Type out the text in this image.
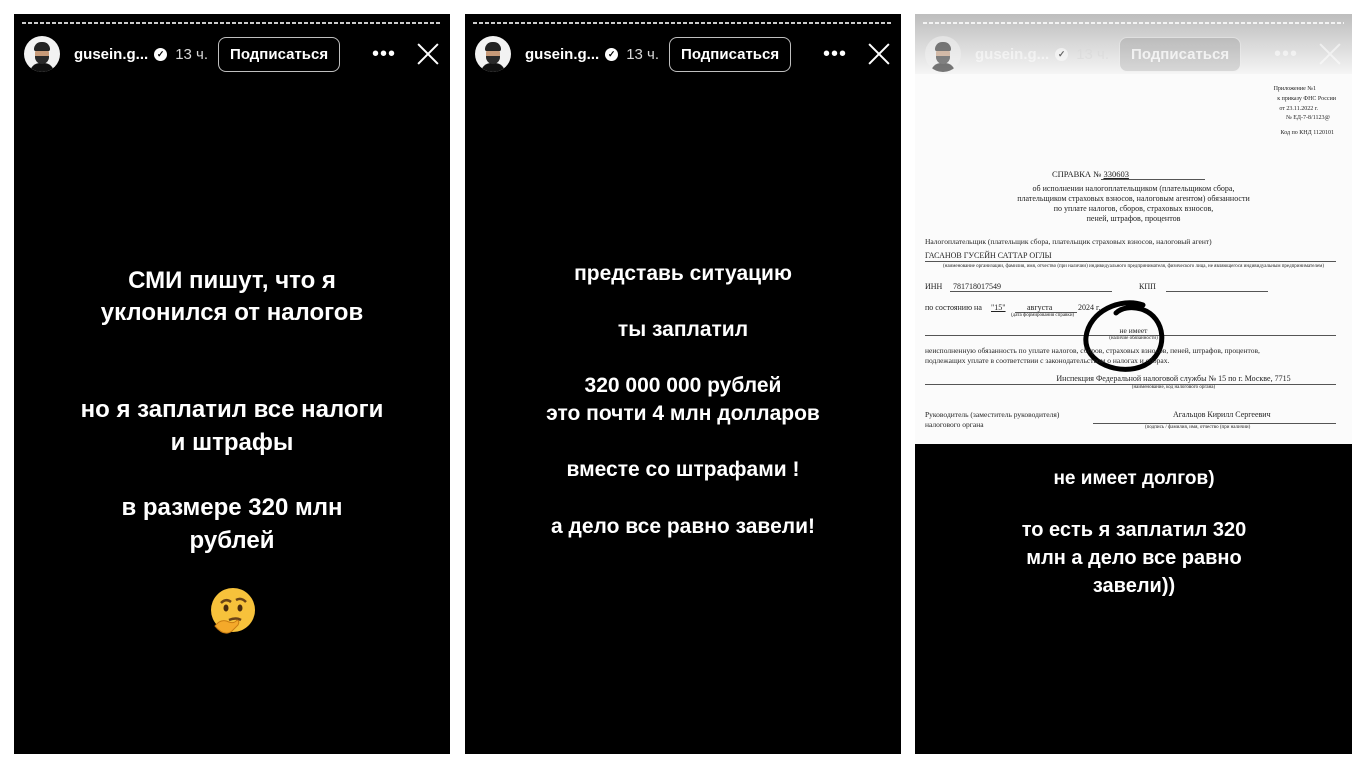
gusein.g... ✓ 13 ч.	Подписаться	•••
СМИ пишут, что я
уклонился от налогов
но я заплатил все налоги
и штрафы
в размере 320 млн
рублей
gusein.g... ✓ 13 ч.	Подписаться	•••
представь ситуацию
ты заплатил
320 000 000 рублей
это почти 4 млн долларов
вместе со штрафами !
а дело все равно завели!
Приложение №1
к приказу ФНС России
от 23.11.2022 г.
№ ЕД-7-8/1123@
Код по КНД 1120101
СПРАВКА № 330603
об исполнении налогоплательщиком (плательщиком сбора,
плательщиком страховых взносов, налоговым агентом) обязанности
по уплате налогов, сборов, страховых взносов,
пеней, штрафов, процентов
Налогоплательщик (плательщик сбора, плательщик страховых взносов, налоговый агент)
ГАСАНОВ ГУСЕЙН САТТАР ОГЛЫ
(наименование организации, фамилия, имя, отчество (при наличии) индивидуального предпринимателя, физического лица, не являющегося индивидуальным предпринимателем)
ИНН 781718017549	КПП
по состоянию на "15"	августа	2024 г.
(дата формирования справки)
не имеет
(наличие обязанности)
неисполненную обязанность по уплате налогов, сборов, страховых взносов, пеней, штрафов, процентов,
подлежащих уплате в соответствии с законодательством о налогах и сборах.
Инспекция Федеральной налоговой службы № 15 по г. Москве, 7715
(наименование, код налогового органа)
Руководитель (заместитель руководителя)
налогового органа
Агальцов Кирилл Сергеевич
(подпись / фамилия, имя, отчество (при наличии)
gusein.g... ✓ 13 ч.	Подписаться	•••
не имеет долгов)
то есть я заплатил 320
млн а дело все равно
завели))
